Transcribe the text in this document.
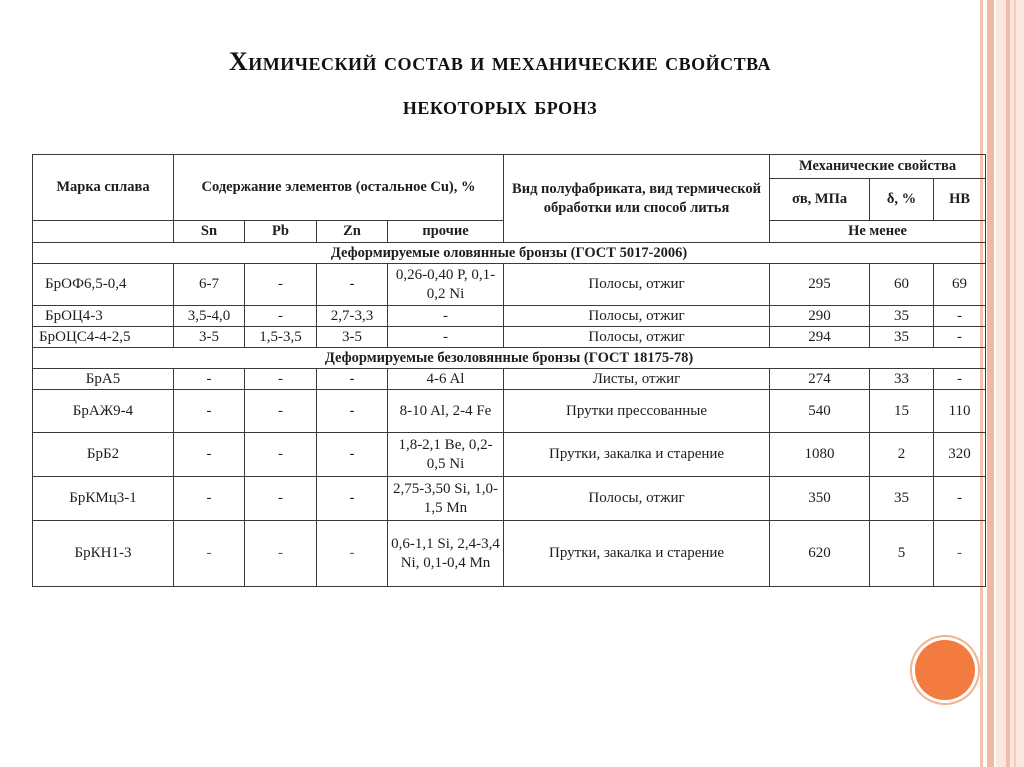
Химический состав и механические свойства
некоторых бронз
Марка сплава	Содержание элементов (остальное Cu), %				Вид полуфабриката, вид термической обработки или способ литья	Механические свойства		
						σв, МПа	δ, %	HB
	Sn	Pb	Zn	прочие		Не менее		
Деформируемые оловянные бронзы (ГОСТ 5017-2006)								
БрОФ6,5-0,4	6-7	-	-	0,26-0,40 P, 0,1-0,2 Ni	Полосы, отжиг	295	60	69
БрОЦ4-3	3,5-4,0	-	2,7-3,3	-	Полосы, отжиг	290	35	-
БрОЦС4-4-2,5	3-5	1,5-3,5	3-5	-	Полосы, отжиг	294	35	-
Деформируемые безоловянные бронзы (ГОСТ 18175-78)								
БрА5	-	-	-	4-6 Al	Листы, отжиг	274	33	-
БрАЖ9-4	-	-	-	8-10 Al, 2-4 Fe	Прутки прессованные	540	15	110
БрБ2	-	-	-	1,8-2,1 Be, 0,2-0,5 Ni	Прутки, закалка и старение	1080	2	320
БрКМц3-1	-	-	-	2,75-3,50 Si, 1,0-1,5 Mn	Полосы, отжиг	350	35	-
БрКН1-3	-	-	-	0,6-1,1 Si, 2,4-3,4 Ni, 0,1-0,4 Mn	Прутки, закалка и старение	620	5	-
